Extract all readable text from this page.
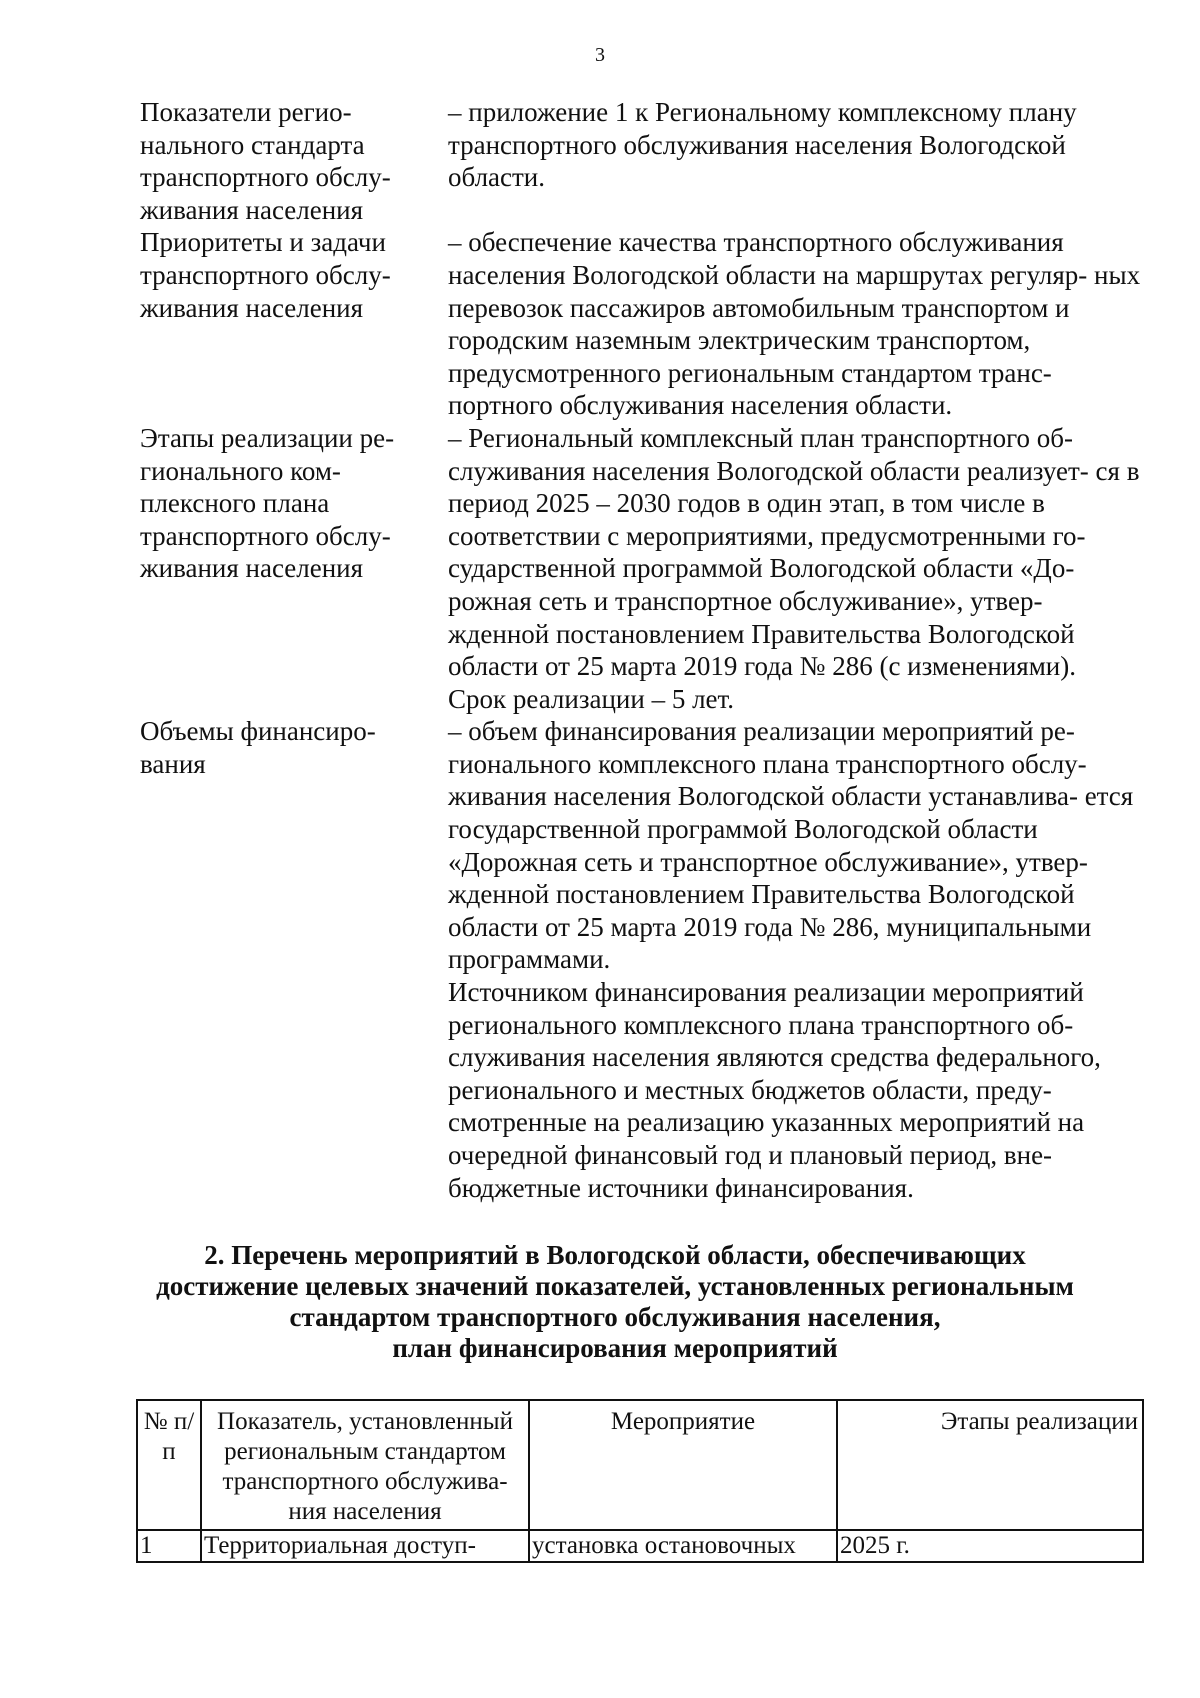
3
Показатели регио- нального стандарта транспортного обслу- живания населения	– приложение 1 к Региональному комплексному плану транспортного обслуживания населения Вологодской области.

Приоритеты и задачи транспортного обслу- живания населения	– обеспечение качества транспортного обслуживания населения Вологодской области на маршрутах регуляр- ных перевозок пассажиров автомобильным транспортом и городским наземным электрическим транспортом, предусмотренного региональным стандартом транс- портного обслуживания населения области.

Этапы реализации ре- гионального ком- плексного плана транспортного обслу- живания населения	– Региональный комплексный план транспортного об- служивания населения Вологодской области реализует- ся в период 2025 – 2030 годов в один этап, в том числе в соответствии с мероприятиями, предусмотренными го- сударственной программой Вологодской области «До- рожная сеть и транспортное обслуживание», утвер- жденной постановлением Правительства Вологодской области от 25 марта 2019 года № 286 (с изменениями).

Срок реализации – 5 лет.

Объемы финансиро- вания	– объем финансирования реализации мероприятий ре- гионального комплексного плана транспортного обслу- живания населения Вологодской области устанавлива- ется государственной программой Вологодской области «Дорожная сеть и транспортное обслуживание», утвер- жденной постановлением Правительства Вологодской области от 25 марта 2019 года № 286, муниципальными программами.

Источником финансирования реализации мероприятий регионального комплексного плана транспортного об- служивания населения являются средства федерального, регионального и местных бюджетов области, преду- смотренные на реализацию указанных мероприятий на очередной финансовый год и плановый период, вне- бюджетные источники финансирования.

2. Перечень мероприятий в Вологодской области, обеспечивающих
достижение целевых значений показателей, установленных региональным
стандартом транспортного обслуживания населения,
план финансирования мероприятий
№ п/п	Показатель, установленный региональным стандартом транспортного обслужива- ния населения	Мероприятие	Этапы реализации
1	Территориальная доступ-	установка остановочных	2025 г.
